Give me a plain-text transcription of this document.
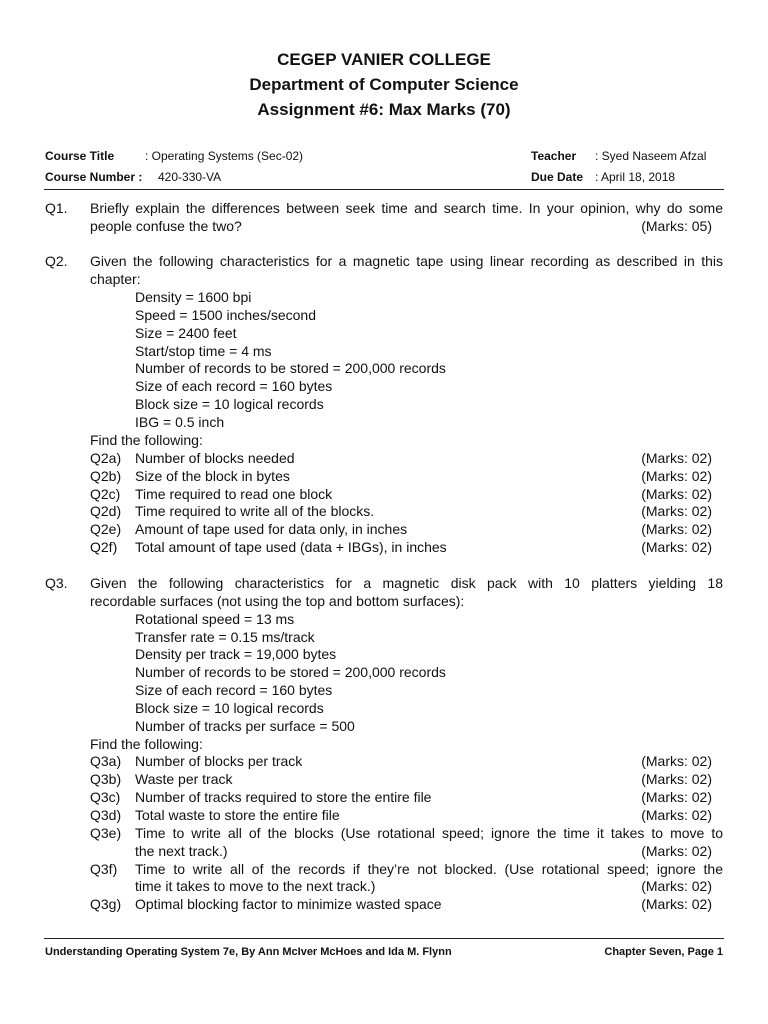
CEGEP VANIER COLLEGE
Department of Computer Science
Assignment #6: Max Marks (70)
Course Title	: Operating Systems (Sec-02)
Course Number : 420-330-VA
Teacher : Syed Naseem Afzal
Due Date : April 18, 2018
Q1. Briefly explain the differences between seek time and search time. In your opinion, why do some
people confuse the two?	(Marks: 05)
Q2. Given the following characteristics for a magnetic tape using linear recording as described in this
chapter:
Density = 1600 bpi
Speed = 1500 inches/second
Size = 2400 feet
Start/stop time = 4 ms
Number of records to be stored = 200,000 records
Size of each record = 160 bytes
Block size = 10 logical records
IBG = 0.5 inch
Find the following:
Q2a) Number of blocks needed	(Marks: 02)
Q2b) Size of the block in bytes	(Marks: 02)
Q2c) Time required to read one block	(Marks: 02)
Q2d) Time required to write all of the blocks.	(Marks: 02)
Q2e) Amount of tape used for data only, in inches	(Marks: 02)
Q2f) Total amount of tape used (data + IBGs), in inches	(Marks: 02)
Q3. Given the following characteristics for a magnetic disk pack with 10 platters yielding 18
recordable surfaces (not using the top and bottom surfaces):
Rotational speed = 13 ms
Transfer rate = 0.15 ms/track
Density per track = 19,000 bytes
Number of records to be stored = 200,000 records
Size of each record = 160 bytes
Block size = 10 logical records
Number of tracks per surface = 500
Find the following:
Q3a) Number of blocks per track	(Marks: 02)
Q3b) Waste per track	(Marks: 02)
Q3c) Number of tracks required to store the entire file	(Marks: 02)
Q3d) Total waste to store the entire file	(Marks: 02)
Q3e) Time to write all of the blocks (Use rotational speed; ignore the time it takes to move to
the next track.)	(Marks: 02)
Q3f) Time to write all of the records if they’re not blocked. (Use rotational speed; ignore the
time it takes to move to the next track.)	(Marks: 02)
Q3g) Optimal blocking factor to minimize wasted space	(Marks: 02)
Understanding Operating System 7e, By Ann McIver McHoes and Ida M. Flynn	Chapter Seven, Page 1
